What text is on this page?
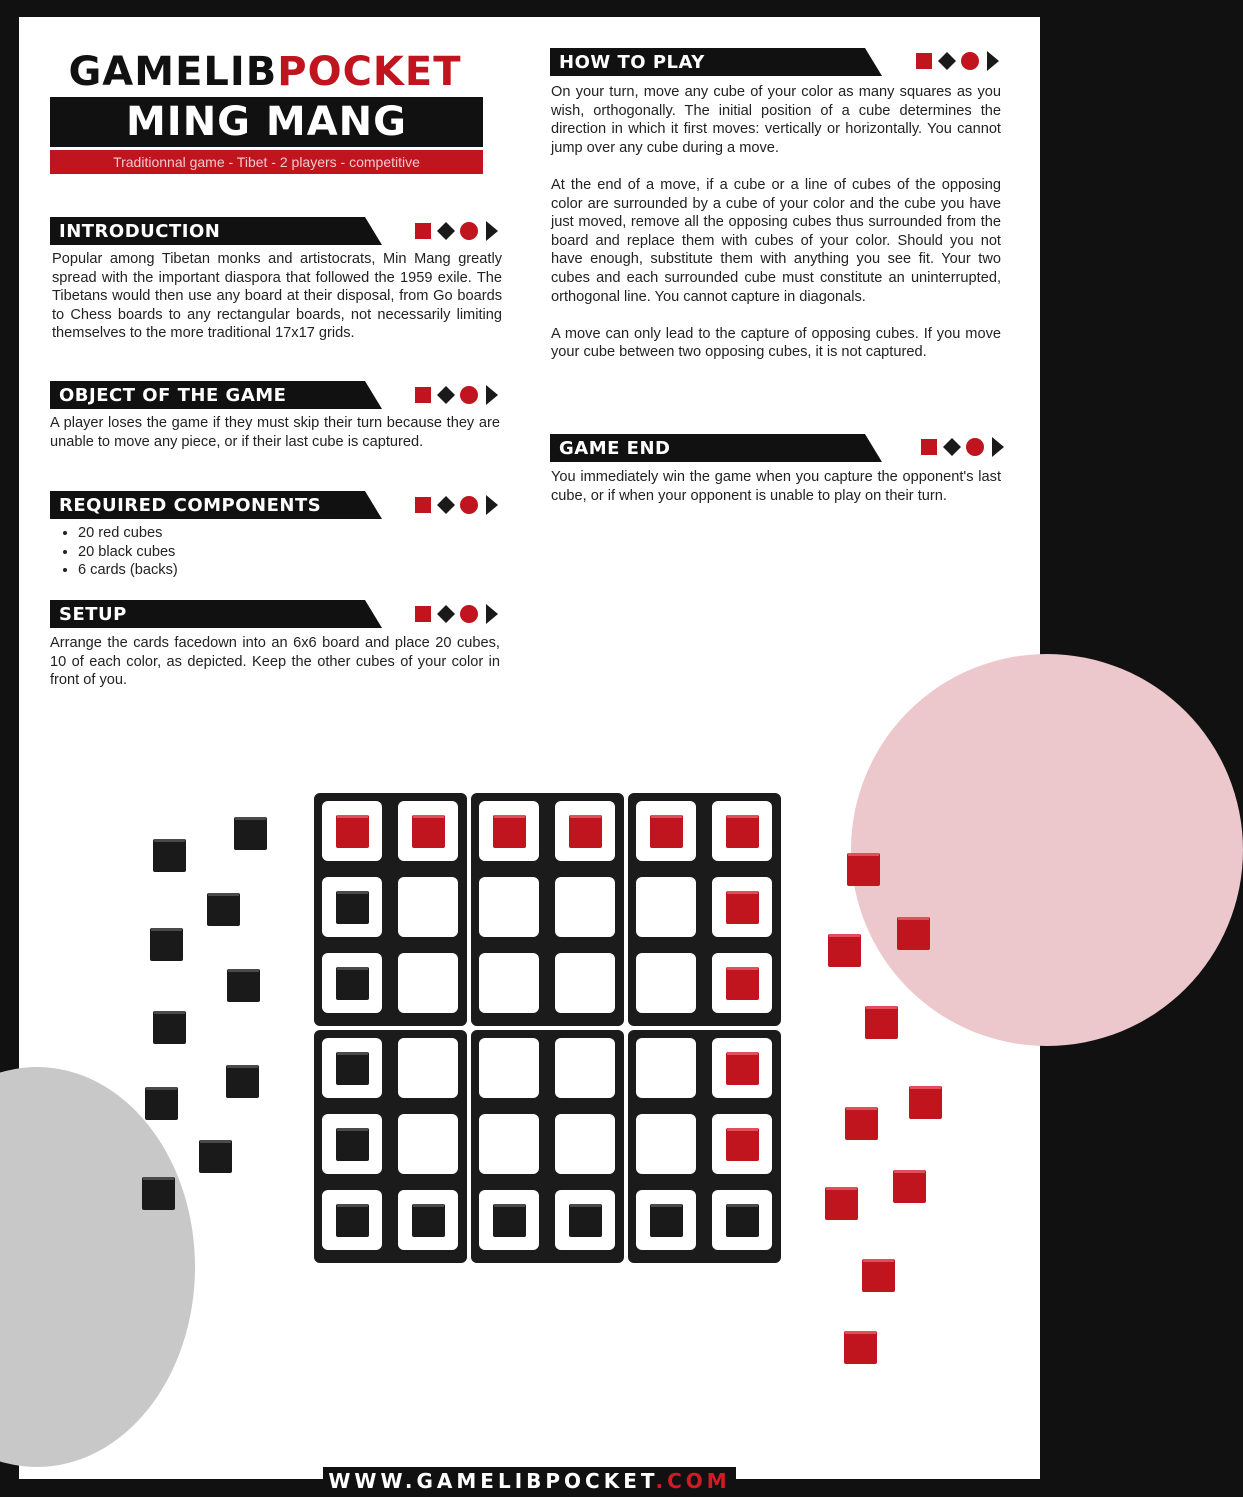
GAMELIBPOCKET
MING MANG
Traditionnal game - Tibet - 2 players - competitive
INTRODUCTION
Popular among Tibetan monks and artistocrats, Min Mang greatly spread with the important diaspora that followed the 1959 exile. The Tibetans would then use any board at their disposal, from Go boards to Chess boards to any rectangular boards, not necessarily limiting themselves to the more traditional 17x17 grids.
OBJECT OF THE GAME
A player loses the game if they must skip their turn because they are unable to move any piece, or if their last cube is captured.
REQUIRED COMPONENTS
• 20 red cubes
• 20 black cubes
• 6 cards (backs)
SETUP
Arrange the cards facedown into an 6x6 board and place 20 cubes, 10 of each color, as depicted. Keep the other cubes of your color in front of you.
HOW TO PLAY

On your turn, move any cube of your color as many squares as you wish, orthogonally. The initial position of a cube determines the direction in which it first moves: vertically or horizontally. You cannot jump over any cube during a move.

At the end of a move, if a cube or a line of cubes of the opposing color are surrounded by a cube of your color and the cube you have just moved, remove all the opposing cubes thus surrounded from the board and replace them with cubes of your color. Should you not have enough, substitute them with anything you see fit. Your two cubes and each surrounded cube must constitute an uninterrupted, orthogonal line. You cannot capture in diagonals.

A move can only lead to the capture of opposing cubes. If you move your cube between two opposing cubes, it is not captured.

GAME END
You immediately win the game when you capture the opponent's last cube, or if when your opponent is unable to play on their turn.
WWW.GAMELIBPOCKET.COM
